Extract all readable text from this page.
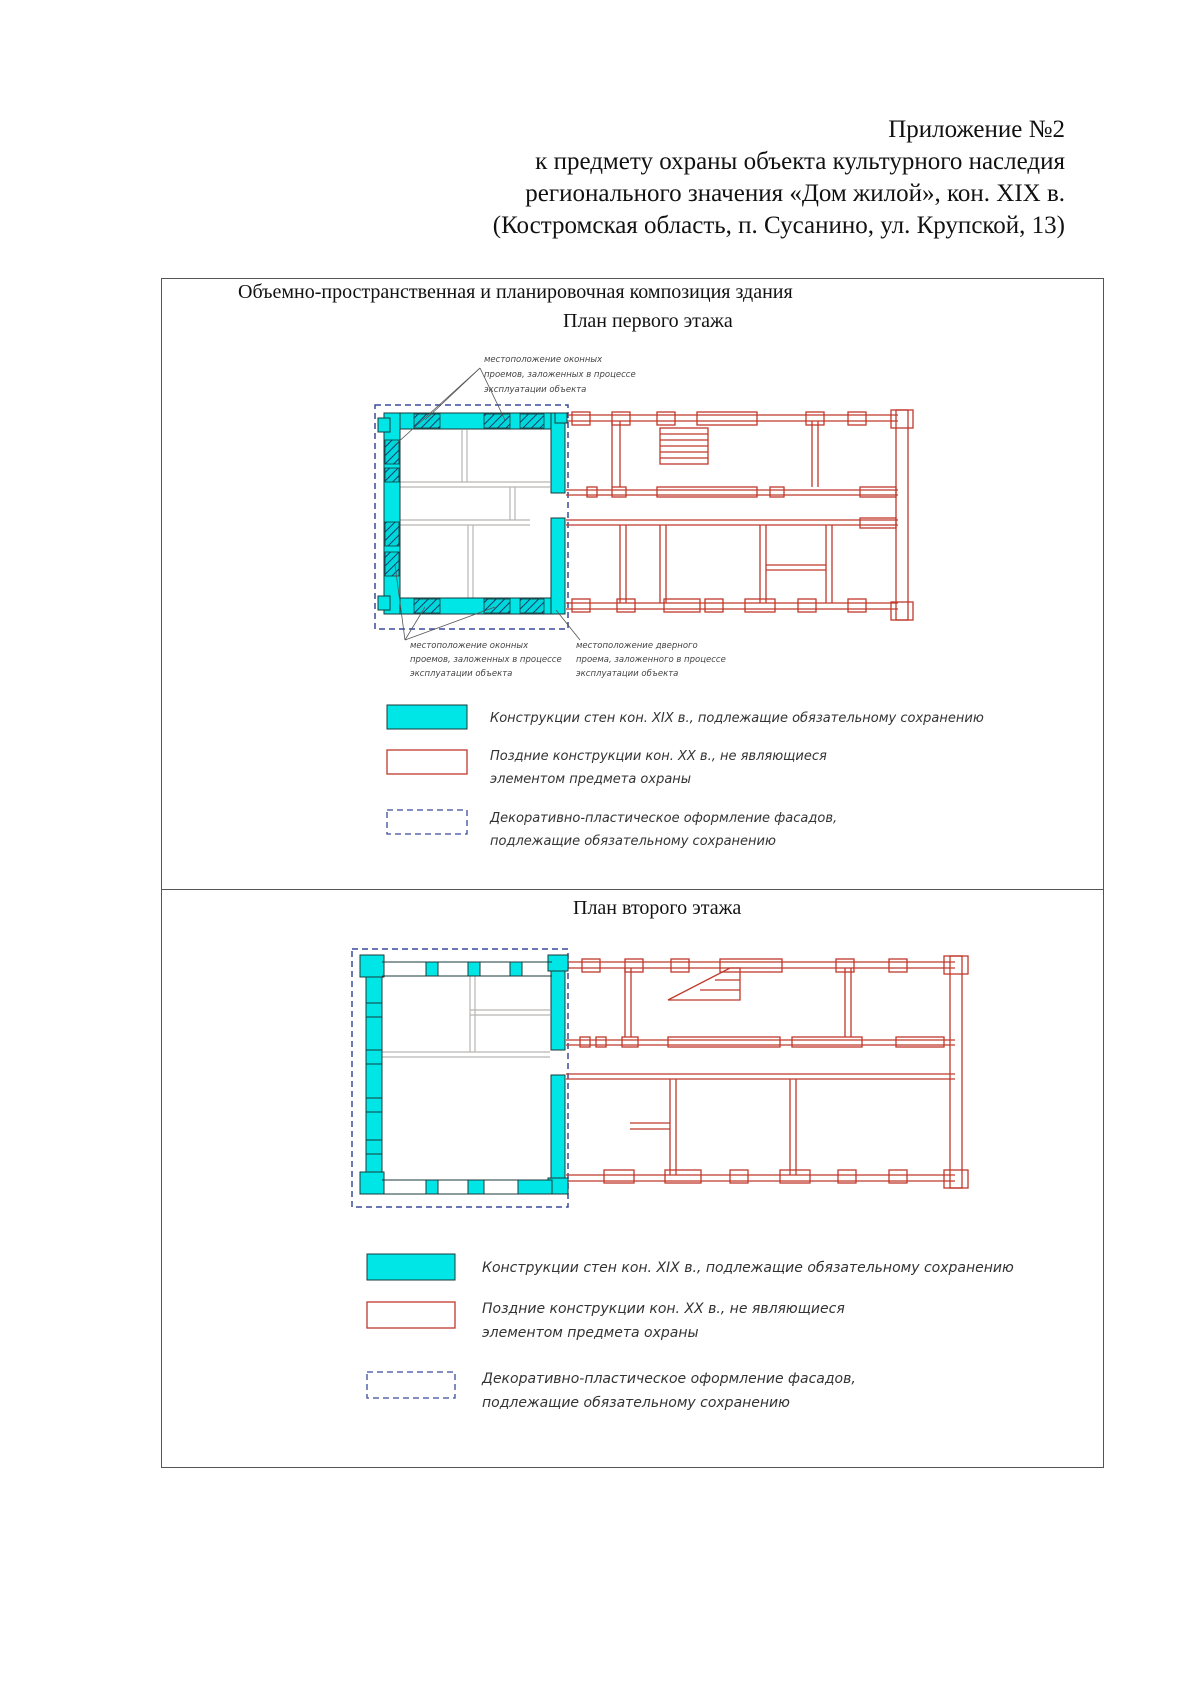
Приложение №2
к предмету охраны объекта культурного наследия
регионального значения «Дом жилой», кон. XIX в.
(Костромская область, п. Сусанино, ул. Крупской, 13)
Объемно-пространственная и планировочная композиция здания
План первого этажа
План второго этажа
местоположение оконных
проемов, заложенных в процессе
эксплуатации объекта
местоположение оконных
проемов, заложенных в процессе
эксплуатации объекта
местоположение дверного
проема, заложенного в процессе
эксплуатации объекта
Конструкции стен кон. XIX в., подлежащие обязательному сохранению
Поздние конструкции кон. XX в., не являющиеся
элементом предмета охраны
Декоративно-пластическое оформление фасадов,
подлежащие обязательному сохранению
Конструкции стен кон. XIX в., подлежащие обязательному сохранению
Поздние конструкции кон. XX в., не являющиеся
элементом предмета охраны
Декоративно-пластическое оформление фасадов,
подлежащие обязательному сохранению
